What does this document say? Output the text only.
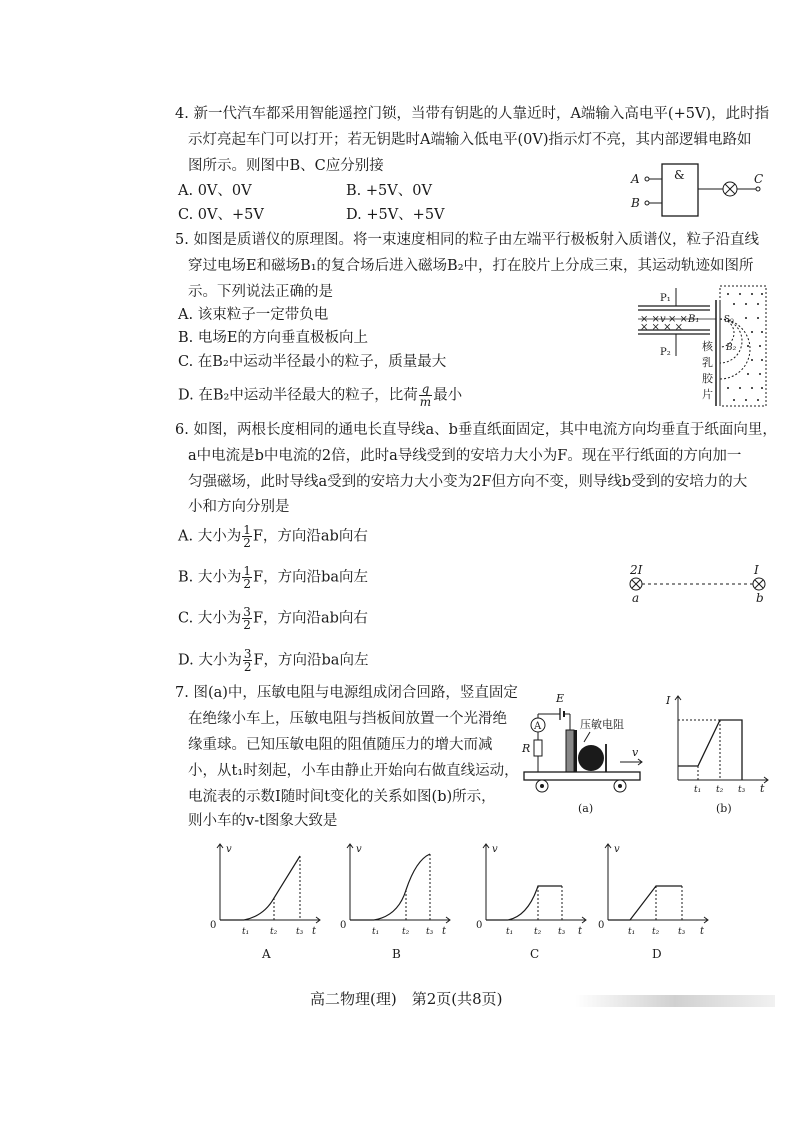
4. 新一代汽车都采用智能遥控门锁，当带有钥匙的人靠近时，A端输入高电平(+5V)，此时指
示灯亮起车门可以打开；若无钥匙时A端输入低电平(0V)指示灯不亮，其内部逻辑电路如
图所示。则图中B、C应分别接
A. 0V、0V	B. +5V、0V
C. 0V、+5V	D. +5V、+5V
A
B
&	C
5. 如图是质谱仪的原理图。将一束速度相同的粒子由左端平行极板射入质谱仪，粒子沿直线
穿过电场E和磁场B₁的复合场后进入磁场B₂中，打在胶片上分成三束，其运动轨迹如图所
示。下列说法正确的是
A. 该束粒子一定带负电
B. 电场E的方向垂直极板向上
C. 在B₂中运动半径最小的粒子，质量最大
D. 在B₂中运动半径最大的粒子，比荷 $\frac{q}{m}$ 最小
P₁
P₂
× × v × × B₁
× × × ×
S₀
B₂
核
乳
胶
片
6. 如图，两根长度相同的通电长直导线a、b垂直纸面固定，其中电流方向均垂直于纸面向里，
a中电流是b中电流的2倍，此时a导线受到的安培力大小为F。现在平行纸面的方向加一
匀强磁场，此时导线a受到的安培力大小变为2F但方向不变，则导线b受到的安培力的大
小和方向分别是
A. 大小为 $\frac{1}{2}$ F，方向沿ab向右
B. 大小为 $\frac{1}{2}$ F，方向沿ba向左
C. 大小为 $\frac{3}{2}$ F，方向沿ab向右
D. 大小为 $\frac{3}{2}$ F，方向沿ba向左
2I	I
a	b
7. 图(a)中，压敏电阻与电源组成闭合回路，竖直固定
在绝缘小车上，压敏电阻与挡板间放置一个光滑绝
缘重球。已知压敏电阻的阻值随压力的增大而减
小，从t₁时刻起，小车由静止开始向右做直线运动，
电流表的示数I随时间t变化的关系如图(b)所示，
则小车的v-t图象大致是
E
A
R
压敏电阻
v
(a)
I
t
t₁ t₂ t₃
(b)
v
0
t
t₁ t₂ t₃
A
v
0
t
t₁	t₂ t₃
B
v
0
t
t₁ t₂ t₃
C
v
0
t
t₁ t₂ t₃
D
高二物理(理)　第2页(共8页)
